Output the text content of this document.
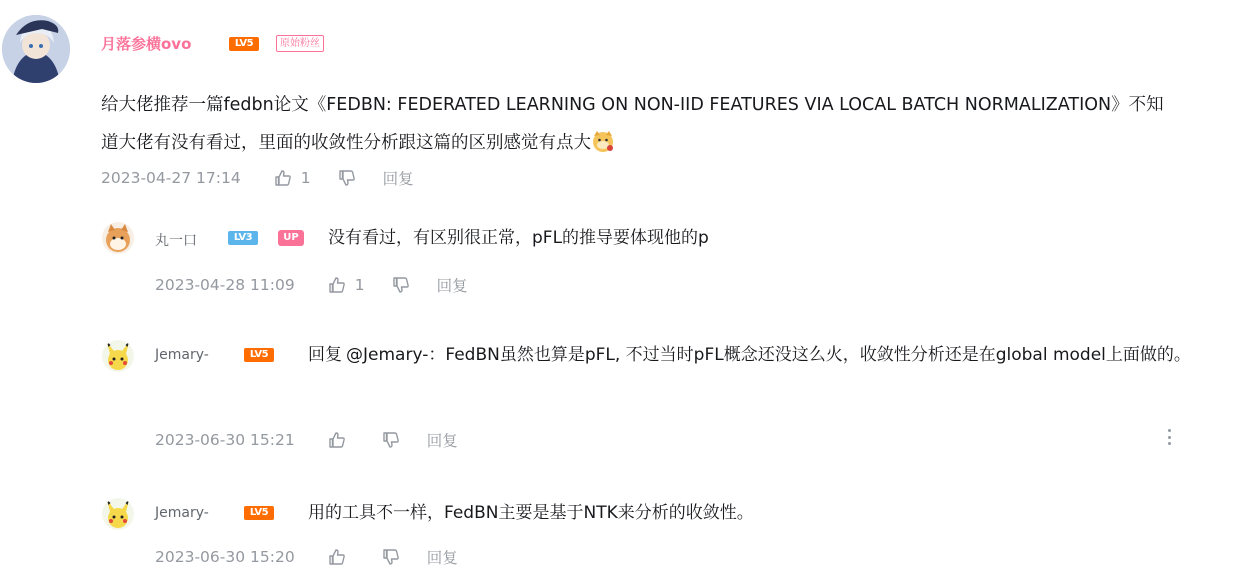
月落参横ovo	LV5	原始粉丝
给大佬推荐一篇fedbn论文《FEDBN: FEDERATED LEARNING ON NON-IID FEATURES VIA LOCAL BATCH NORMALIZATION》不知道大佬有没有看过，里面的收敛性分析跟这篇的区别感觉有点大
2023-04-27 17:14	1	回复
丸一口	LV3	UP	没有看过，有区别很正常，pFL的推导要体现他的p
2023-04-28 11:09	1	回复
Jemary-	LV5	回复 @Jemary-：FedBN虽然也算是pFL, 不过当时pFL概念还没这么火，收敛性分析还是在global model上面做的。
2023-06-30 15:21	回复
Jemary-	LV5	用的工具不一样，FedBN主要是基于NTK来分析的收敛性。
2023-06-30 15:20	回复
